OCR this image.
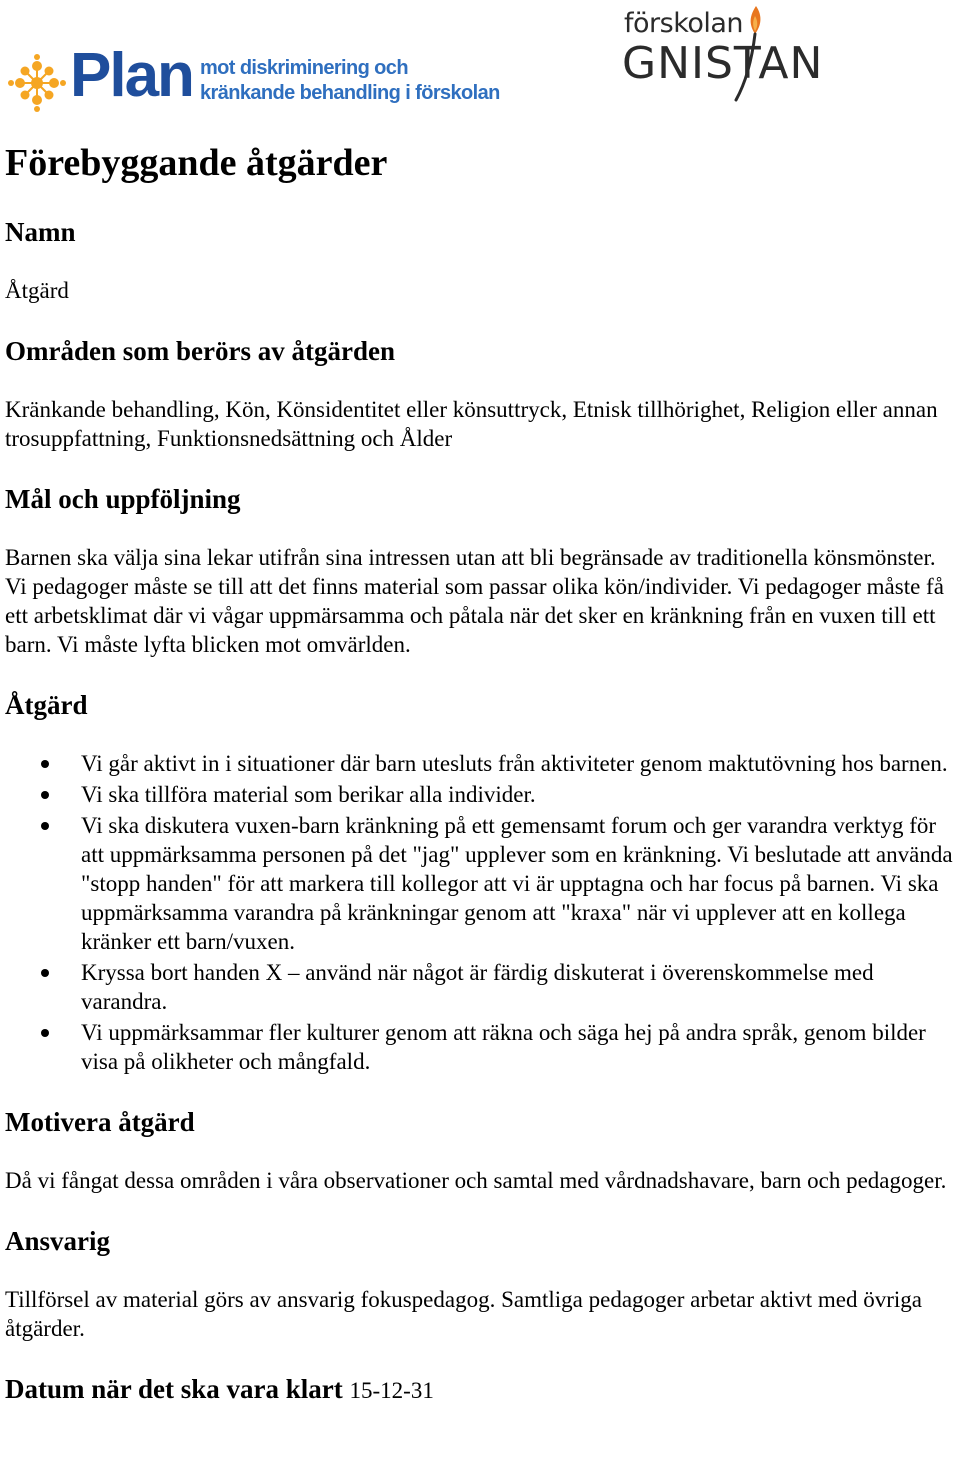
Plan mot diskriminering och
kränkande behandling i förskolan
förskolan
GNISTAN
Förebyggande åtgärder
Namn

Åtgärd

Områden som berörs av åtgärden

Kränkande behandling, Kön, Könsidentitet eller könsuttryck, Etnisk tillhörighet, Religion eller annan trosuppfattning, Funktionsnedsättning och Ålder

Mål och uppföljning

Barnen ska välja sina lekar utifrån sina intressen utan att bli begränsade av traditionella könsmönster. Vi pedagoger måste se till att det finns material som passar olika kön/individer. Vi pedagoger måste få ett arbetsklimat där vi vågar uppmärsamma och påtala när det sker en kränkning från en vuxen till ett barn. Vi måste lyfta blicken mot omvärlden.

Åtgärd
Vi går aktivt in i situationer där barn utesluts från aktiviteter genom maktutövning hos barnen.
Vi ska tillföra material som berikar alla individer.
Vi ska diskutera vuxen-barn kränkning på ett gemensamt forum och ger varandra verktyg för att uppmärksamma personen på det "jag" upplever som en kränkning. Vi beslutade att använda "stopp handen" för att markera till kollegor att vi är upptagna och har focus på barnen. Vi ska uppmärksamma varandra på kränkningar genom att "kraxa" när vi upplever att en kollega kränker ett barn/vuxen.
Kryssa bort handen X – använd när något är färdig diskuterat i överenskommelse med varandra.
Vi uppmärksammar fler kulturer genom att räkna och säga hej på andra språk, genom bilder visa på olikheter och mångfald.
Motivera åtgärd

Då vi fångat dessa områden i våra observationer och samtal med vårdnadshavare, barn och pedagoger.

Ansvarig

Tillförsel av material görs av ansvarig fokuspedagog. Samtliga pedagoger arbetar aktivt med övriga åtgärder.

Datum när det ska vara klart 15-12-31
